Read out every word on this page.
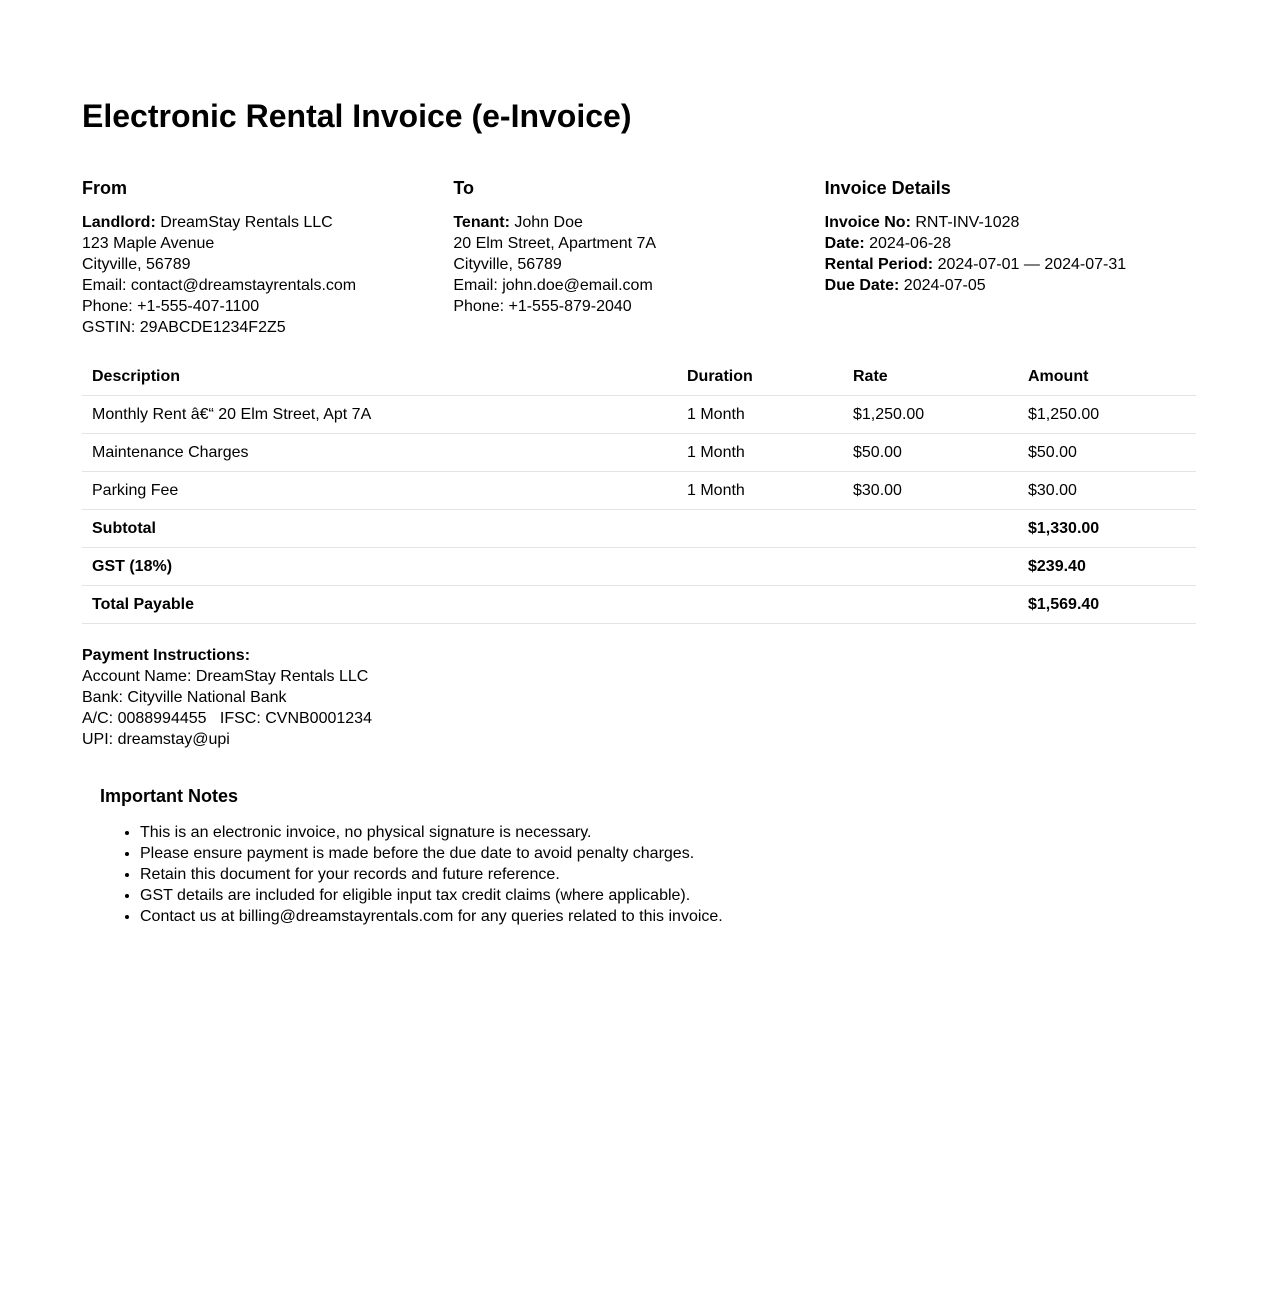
Electronic Rental Invoice (e-Invoice)
From
Landlord: DreamStay Rentals LLC
123 Maple Avenue
Cityville, 56789
Email: contact@dreamstayrentals.com
Phone: +1-555-407-1100
GSTIN: 29ABCDE1234F2Z5
To
Tenant: John Doe
20 Elm Street, Apartment 7A
Cityville, 56789
Email: john.doe@email.com
Phone: +1-555-879-2040
Invoice Details
Invoice No: RNT-INV-1028
Date: 2024-06-28
Rental Period: 2024-07-01 — 2024-07-31
Due Date: 2024-07-05
Description	Duration	Rate	Amount
Monthly Rent â€“ 20 Elm Street, Apt 7A	1 Month	$1,250.00	$1,250.00
Maintenance Charges	1 Month	$50.00	$50.00
Parking Fee	1 Month	$30.00	$30.00
Subtotal			$1,330.00
GST (18%)			$239.40
Total Payable			$1,569.40
Payment Instructions:
Account Name: DreamStay Rentals LLC
Bank: Cityville National Bank
A/C: 0088994455   IFSC: CVNB0001234
UPI: dreamstay@upi
Important Notes
• This is an electronic invoice, no physical signature is necessary.
• Please ensure payment is made before the due date to avoid penalty charges.
• Retain this document for your records and future reference.
• GST details are included for eligible input tax credit claims (where applicable).
• Contact us at billing@dreamstayrentals.com for any queries related to this invoice.
